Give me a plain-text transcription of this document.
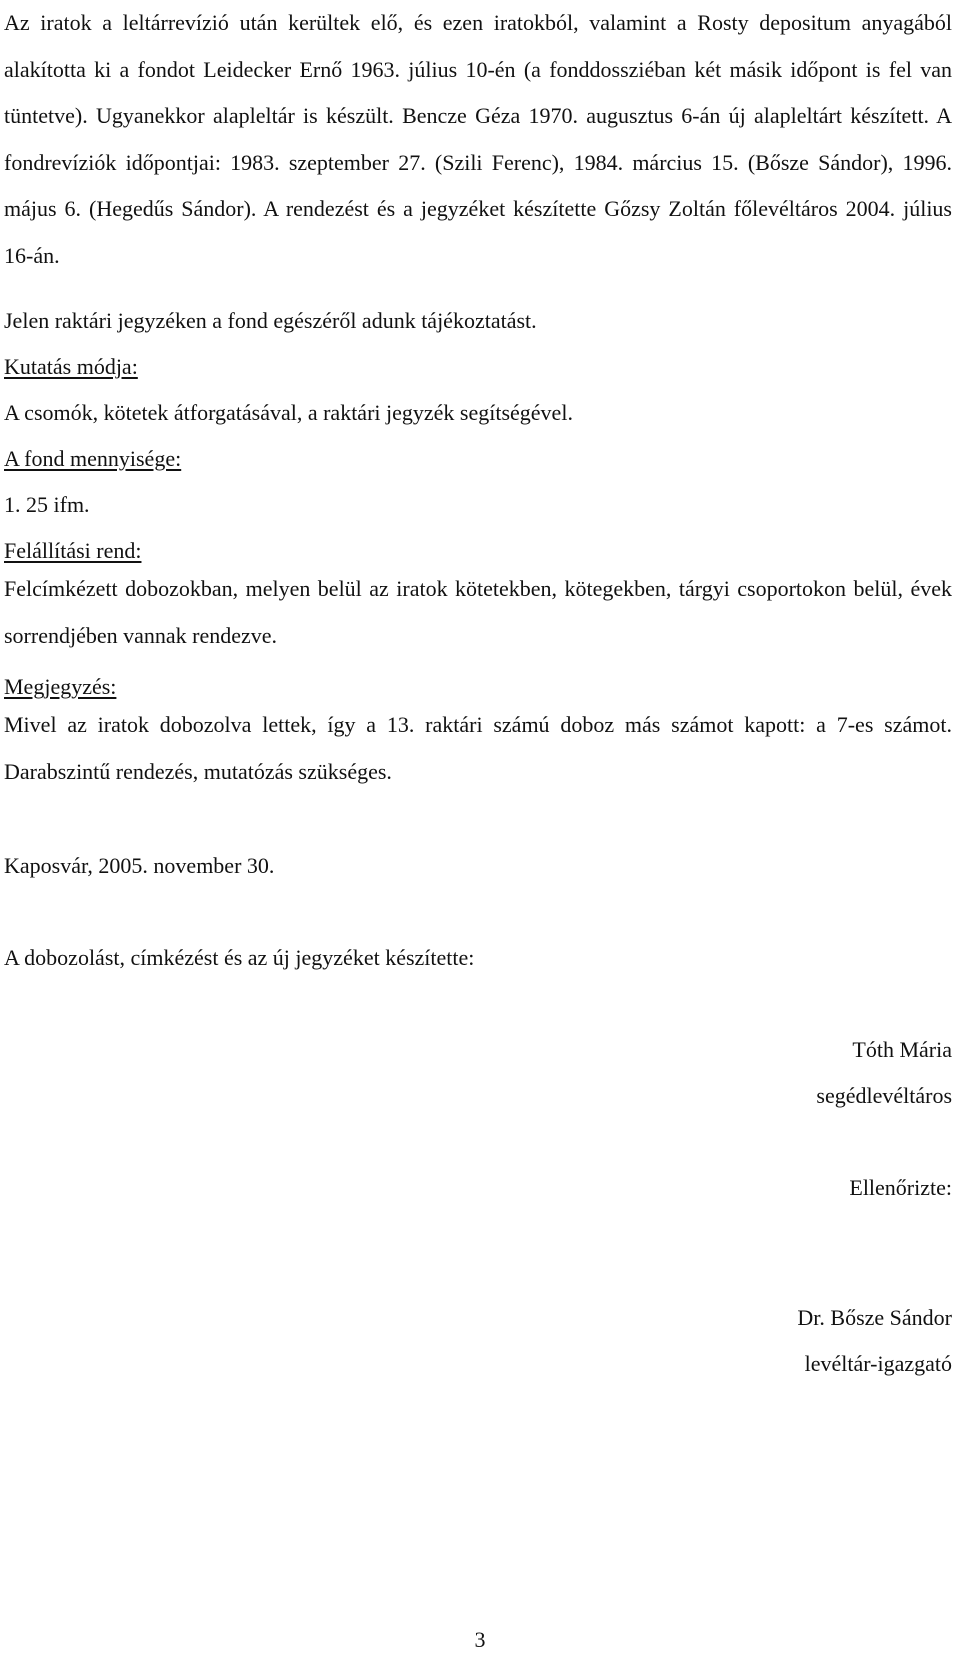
Az iratok a leltárrevízió után kerültek elő, és ezen iratokból, valamint a Rosty depositum anyagából alakította ki a fondot Leidecker Ernő 1963. július 10-én (a fonddossziéban két másik időpont is fel van tüntetve). Ugyanekkor alapleltár is készült. Bencze Géza 1970. augusztus 6-án új alapleltárt készített. A fondrevíziók időpontjai: 1983. szeptember 27. (Szili Ferenc), 1984. március 15. (Bősze Sándor), 1996. május 6. (Hegedűs Sándor). A rendezést és a jegyzéket készítette Gőzsy Zoltán főlevéltáros 2004. július 16-án.
Jelen raktári jegyzéken a fond egészéről adunk tájékoztatást.
Kutatás módja:
A csomók, kötetek átforgatásával, a raktári jegyzék segítségével.
A fond mennyisége:
1. 25 ifm.
Felállítási rend:
Felcímkézett dobozokban, melyen belül az iratok kötetekben, kötegekben, tárgyi csoportokon belül, évek sorrendjében vannak rendezve.
Megjegyzés:
Mivel az iratok dobozolva lettek, így a 13. raktári számú doboz más számot kapott: a 7-es számot. Darabszintű rendezés, mutatózás szükséges.
Kaposvár, 2005. november 30.
A dobozolást, címkézést és az új jegyzéket készítette:
Tóth Mária
segédlevéltáros
Ellenőrizte:
Dr. Bősze Sándor
levéltár-igazgató
3
